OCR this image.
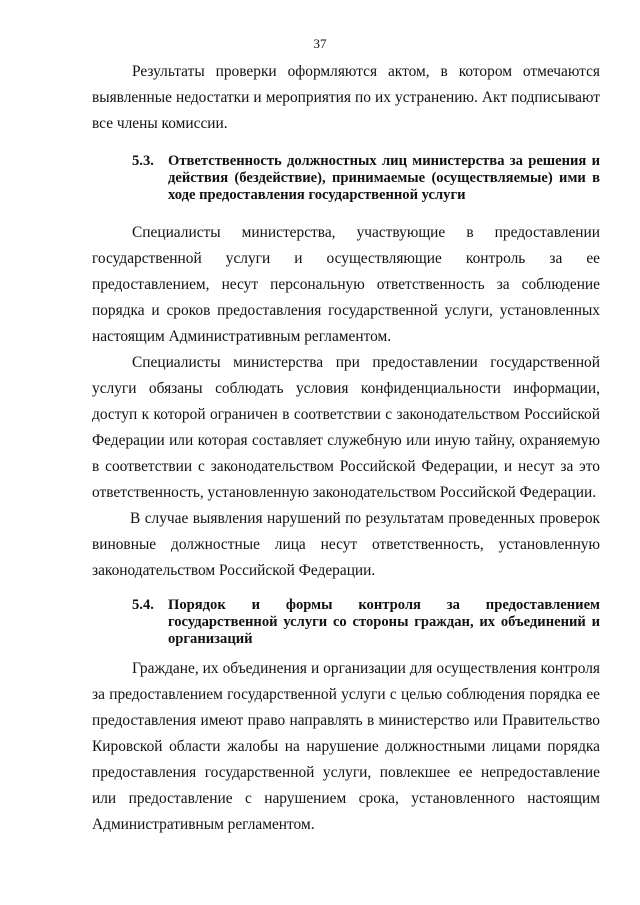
37

Результаты проверки оформляются актом, в котором отмечаются выявленные недостатки и мероприятия по их устранению. Акт подписывают все члены комиссии.

5.3. Ответственность должностных лиц министерства за решения и действия (бездействие), принимаемые (осуществляемые) ими в ходе предоставления государственной услуги

Специалисты министерства, участвующие в предоставлении государственной услуги и осуществляющие контроль за ее предоставлением, несут персональную ответственность за соблюдение порядка и сроков предоставления государственной услуги, установленных настоящим Административным регламентом.

Специалисты министерства при предоставлении государственной услуги обязаны соблюдать условия конфиденциальности информации, доступ к которой ограничен в соответствии с законодательством Российской Федерации или которая составляет служебную или иную тайну, охраняемую в соответствии с законодательством Российской Федерации, и несут за это ответственность, установленную законодательством Российской Федерации.

В случае выявления нарушений по результатам проведенных проверок виновные должностные лица несут ответственность, установленную законодательством Российской Федерации.

5.4. Порядок и формы контроля за предоставлением государственной услуги со стороны граждан, их объединений и организаций

Граждане, их объединения и организации для осуществления контроля за предоставлением государственной услуги с целью соблюдения порядка ее предоставления имеют право направлять в министерство или Правительство Кировской области жалобы на нарушение должностными лицами порядка предоставления государственной услуги, повлекшее ее непредоставление или предоставление с нарушением срока, установленного настоящим Административным регламентом.
